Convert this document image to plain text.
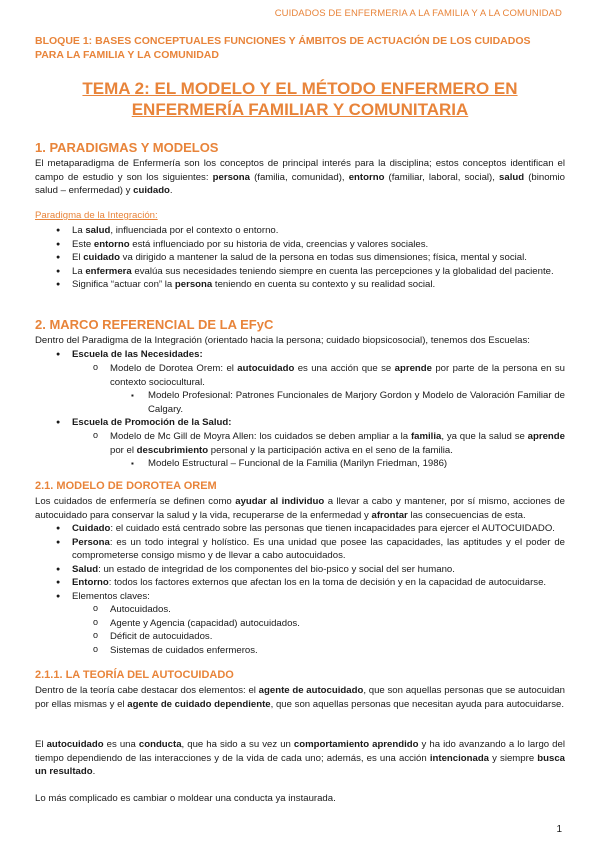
CUIDADOS DE ENFERMERIA A LA FAMILIA Y A LA COMUNIDAD
BLOQUE 1: BASES CONCEPTUALES FUNCIONES Y ÁMBITOS DE ACTUACIÓN DE LOS CUIDADOS PARA LA FAMILIA Y LA COMUNIDAD
TEMA 2: EL MODELO Y EL MÉTODO ENFERMERO EN
ENFERMERÍA FAMILIAR Y COMUNITARIA
1. PARADIGMAS Y MODELOS

El metaparadigma de Enfermería son los conceptos de principal interés para la disciplina; estos conceptos identifican el campo de estudio y son los siguientes: persona (familia, comunidad), entorno (familiar, laboral, social), salud (binomio salud – enfermedad) y cuidado.

Paradigma de la Integración:
● La salud, influenciada por el contexto o entorno.
● Este entorno está influenciado por su historia de vida, creencias y valores sociales.
● El cuidado va dirigido a mantener la salud de la persona en todas sus dimensiones; física, mental y social.
● La enfermera evalúa sus necesidades teniendo siempre en cuenta las percepciones y la globalidad del paciente.
● Significa “actuar con” la persona teniendo en cuenta su contexto y su realidad social.
2. MARCO REFERENCIAL DE LA EFyC

Dentro del Paradigma de la Integración (orientado hacia la persona; cuidado biopsicosocial), tenemos dos Escuelas:

● Escuela de las Necesidades:
o Modelo de Dorotea Orem: el autocuidado es una acción que se aprende por parte de la persona en su contexto sociocultural.
▪ Modelo Profesional: Patrones Funcionales de Marjory Gordon y Modelo de Valoración Familiar de Calgary.
● Escuela de Promoción de la Salud:
o Modelo de Mc Gill de Moyra Allen: los cuidados se deben ampliar a la familia, ya que la salud se aprende por el descubrimiento personal y la participación activa en el seno de la familia.
▪ Modelo Estructural – Funcional de la Familia (Marilyn Friedman, 1986)
2.1. MODELO DE DOROTEA OREM

Los cuidados de enfermería se definen como ayudar al individuo a llevar a cabo y mantener, por sí mismo, acciones de autocuidado para conservar la salud y la vida, recuperarse de la enfermedad y afrontar las consecuencias de esta.

● Cuidado: el cuidado está centrado sobre las personas que tienen incapacidades para ejercer el AUTOCUIDADO.
● Persona: es un todo integral y holístico. Es una unidad que posee las capacidades, las aptitudes y el poder de comprometerse consigo mismo y de llevar a cabo autocuidados.
● Salud: un estado de integridad de los componentes del bio-psico y social del ser humano.
● Entorno: todos los factores externos que afectan los en la toma de decisión y en la capacidad de autocuidarse.
● Elementos claves:
o Autocuidados.
o Agente y Agencia (capacidad) autocuidados.
o Déficit de autocuidados.
o Sistemas de cuidados enfermeros.
2.1.1. LA TEORÍA DEL AUTOCUIDADO

Dentro de la teoría cabe destacar dos elementos: el agente de autocuidado, que son aquellas personas que se autocuidan por ellas mismas y el agente de cuidado dependiente, que son aquellas personas que necesitan ayuda para autocuidarse.

El autocuidado es una conducta, que ha sido a su vez un comportamiento aprendido y ha ido avanzando a lo largo del tiempo dependiendo de las interacciones y de la vida de cada uno; además, es una acción intencionada y siempre busca un resultado.

Lo más complicado es cambiar o moldear una conducta ya instaurada.

1
